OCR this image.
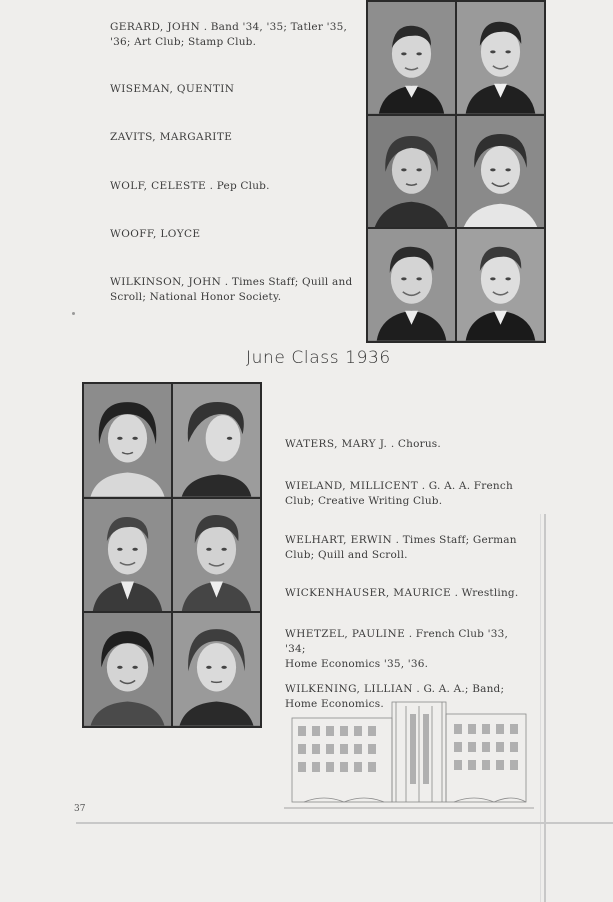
GERARD, JOHN . Band '34, '35; Tatler '35,
'36; Art Club; Stamp Club.
WISEMAN, QUENTIN
ZAVITS, MARGARITE
WOLF, CELESTE . Pep Club.
WOOFF, LOYCE
WILKINSON, JOHN . Times Staff; Quill and
Scroll; National Honor Society.
June Class 1936
WATERS, MARY J. . Chorus.
WIELAND, MILLICENT . G. A. A. French
Club; Creative Writing Club.
WELHART, ERWIN . Times Staff; German
Club; Quill and Scroll.
WICKENHAUSER, MAURICE . Wrestling.
WHETZEL, PAULINE . French Club '33, '34;
Home Economics '35, '36.
WILKENING, LILLIAN . G. A. A.; Band;
Home Economics.
37
